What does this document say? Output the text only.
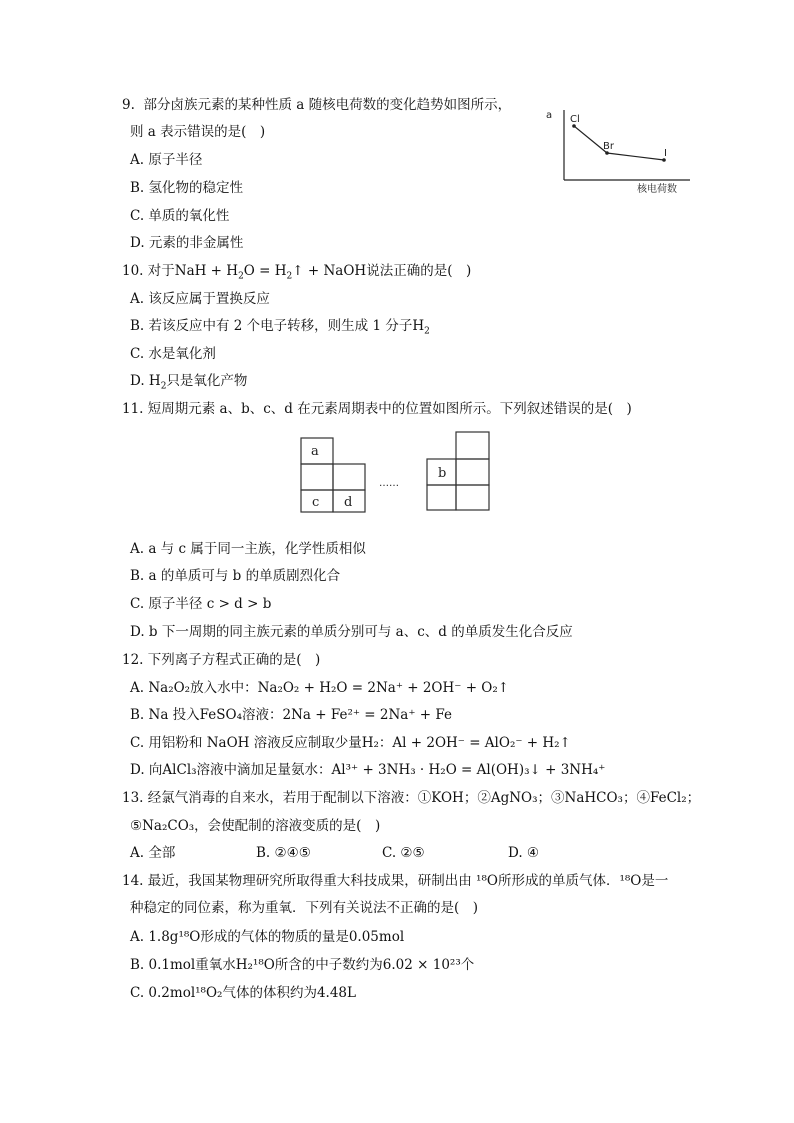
9.  部分卤族元素的某种性质 a 随核电荷数的变化趋势如图所示，
则 a 表示错误的是(　)
A. 原子半径
B. 氢化物的稳定性
C. 单质的氧化性
D. 元素的非金属性
a
核电荷数
Cl
Br
I
10. 对于NaH + $H_2O$ = $H_2↑$ + NaOH说法正确的是(　)
A. 该反应属于置换反应
B. 若该反应中有 2 个电子转移，则生成 1 分子$H_2$
C. 水是氧化剂
D. $H_2$只是氧化产物
11. 短周期元素 a、b、c、d 在元素周期表中的位置如图所示。下列叙述错误的是(　)
a
b
c d
……
A. a 与 c 属于同一主族，化学性质相似
B. a 的单质可与 b 的单质剧烈化合
C. 原子半径 c > d > b
D. b 下一周期的同主族元素的单质分别可与 a、c、d 的单质发生化合反应
12. 下列离子方程式正确的是(　)
A. Na₂O₂放入水中：Na₂O₂ + H₂O = 2Na⁺ + 2OH⁻ + O₂↑
B. Na 投入FeSO₄溶液：2Na + Fe²⁺ = 2Na⁺ + Fe
C. 用铝粉和 NaOH 溶液反应制取少量H₂：Al + 2OH⁻ = AlO₂⁻ + H₂↑
D. 向AlCl₃溶液中滴加足量氨水：Al³⁺ + 3NH₃ · H₂O = Al(OH)₃↓ + 3NH₄⁺
13. 经氯气消毒的自来水，若用于配制以下溶液：①KOH；②AgNO₃；③NaHCO₃；④FeCl₂；
⑤Na₂CO₃，会使配制的溶液变质的是(　)
A. 全部	B. ②④⑤	C. ②⑤	D. ④
14. 最近，我国某物理研究所取得重大科技成果，研制出由 ¹⁸O所形成的单质气体．¹⁸O是一
种稳定的同位素，称为重氧．下列有关说法不正确的是(　)
A. 1.8g¹⁸O形成的气体的物质的量是0.05mol
B. 0.1mol重氧水H₂¹⁸O所含的中子数约为6.02 × 10²³个
C. 0.2mol¹⁸O₂气体的体积约为4.48L
